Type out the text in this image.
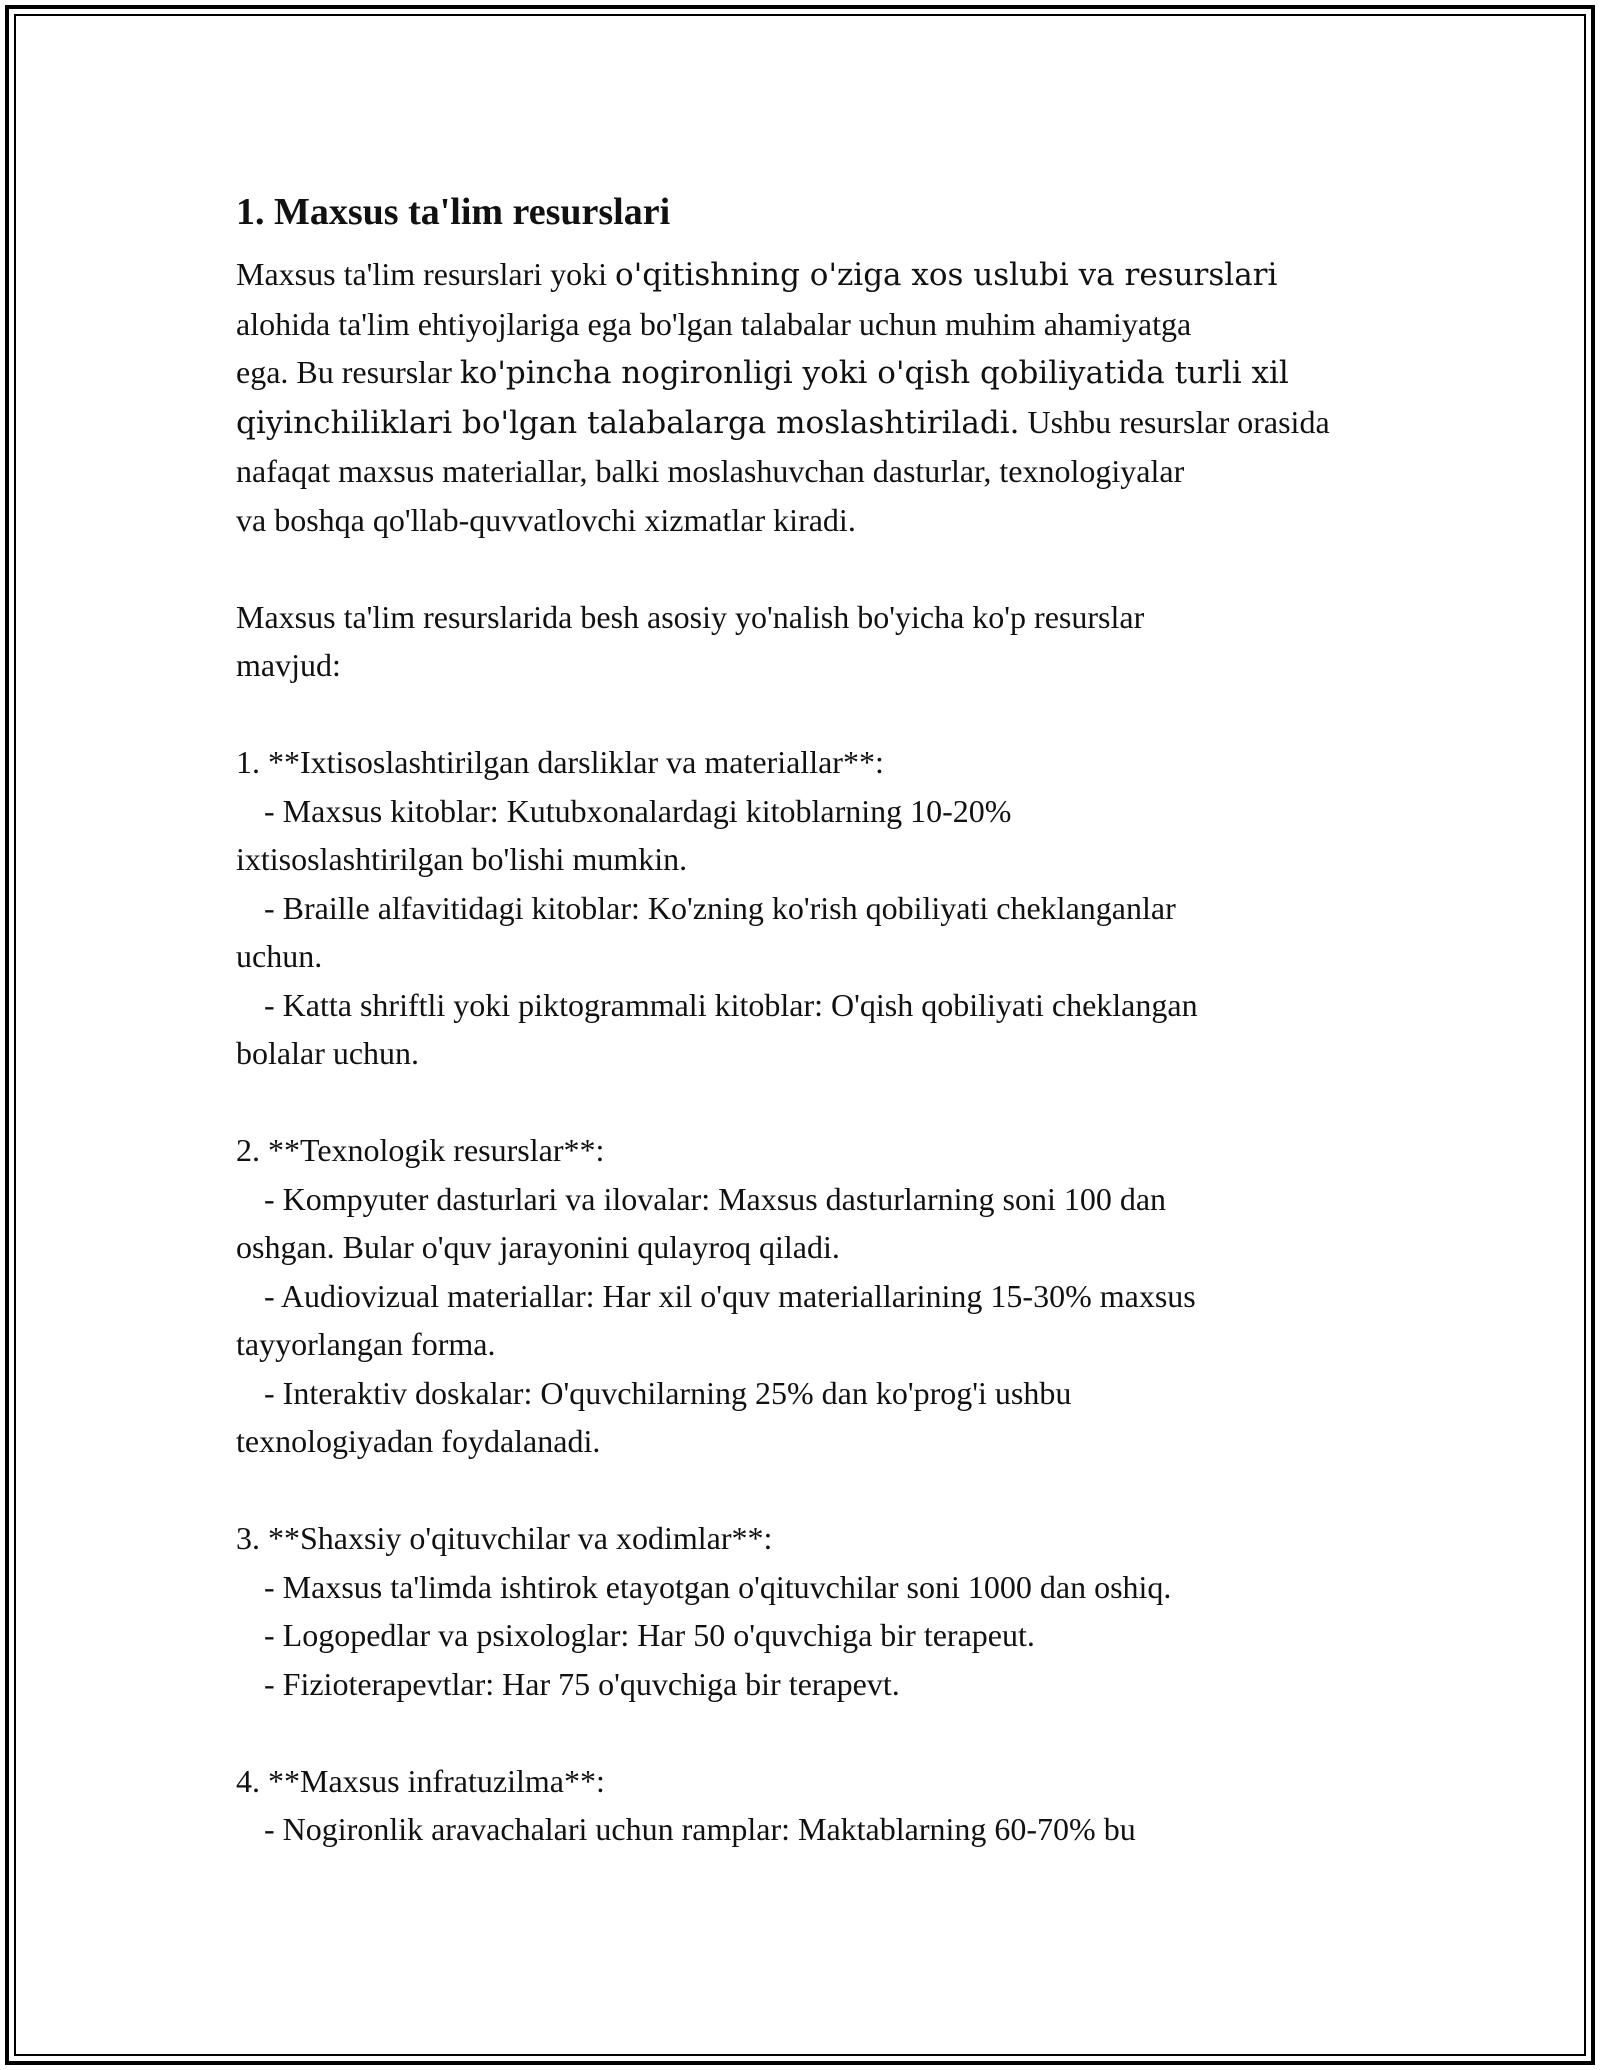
1. Maxsus ta'lim resurslari
Maxsus ta'lim resurslari yoki o'qitishning o'ziga xos uslubi va resurslari
alohida ta'lim ehtiyojlariga ega bo'lgan talabalar uchun muhim ahamiyatga
ega. Bu resurslar ko'pincha nogironligi yoki o'qish qobiliyatida turli xil
qiyinchiliklari bo'lgan talabalarga moslashtiriladi. Ushbu resurslar orasida
nafaqat maxsus materiallar, balki moslashuvchan dasturlar, texnologiyalar
va boshqa qo'llab-quvvatlovchi xizmatlar kiradi.
Maxsus ta'lim resurslarida besh asosiy yo'nalish bo'yicha ko'p resurslar
mavjud:
1. **Ixtisoslashtirilgan darsliklar va materiallar**:
- Maxsus kitoblar: Kutubxonalardagi kitoblarning 10-20%
ixtisoslashtirilgan bo'lishi mumkin.
- Braille alfavitidagi kitoblar: Ko'zning ko'rish qobiliyati cheklanganlar
uchun.
- Katta shriftli yoki piktogrammali kitoblar: O'qish qobiliyati cheklangan
bolalar uchun.
2. **Texnologik resurslar**:
- Kompyuter dasturlari va ilovalar: Maxsus dasturlarning soni 100 dan
oshgan. Bular o'quv jarayonini qulayroq qiladi.
- Audiovizual materiallar: Har xil o'quv materiallarining 15-30% maxsus
tayyorlangan forma.
- Interaktiv doskalar: O'quvchilarning 25% dan ko'prog'i ushbu
texnologiyadan foydalanadi.
3. **Shaxsiy o'qituvchilar va xodimlar**:
- Maxsus ta'limda ishtirok etayotgan o'qituvchilar soni 1000 dan oshiq.
- Logopedlar va psixologlar: Har 50 o'quvchiga bir terapeut.
- Fizioterapevtlar: Har 75 o'quvchiga bir terapevt.
4. **Maxsus infratuzilma**:
- Nogironlik aravachalari uchun ramplar: Maktablarning 60-70% bu
